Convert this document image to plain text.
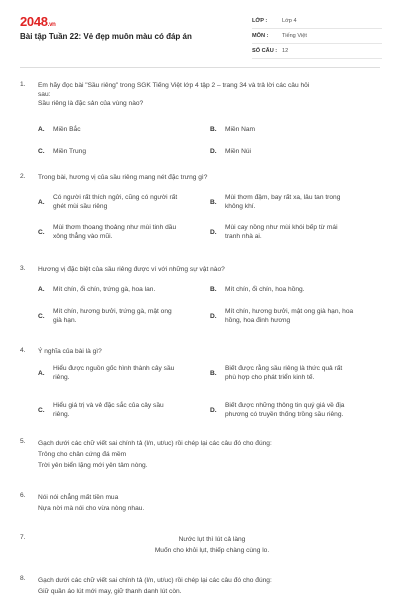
2048.vn
Bài tập Tuần 22: Vẻ đẹp muôn màu có đáp án
LỚP :	Lớp 4
MÔN :	Tiếng Việt
SỐ CÂU : 12
1.	Em hãy đọc bài "Sầu riêng" trong SGK Tiếng Việt lớp 4 tập 2 – trang 34 và trả lời các câu hỏi
sau:
Sầu riêng là đặc sản của vùng nào?
A. Miền Bắc	B. Miền Nam
C. Miền Trung	D. Miền Núi
2.	Trong bài, hương vị của sầu riêng mang nét đặc trưng gì?
A.
Có người rất thích ngửi, cũng có người rất
ghét mùi sầu riêng
B.
Mùi thơm đậm, bay rất xa, lâu tan trong
không khí.
C.
Mùi thơm thoang thoảng như mùi tinh dầu
xông thẳng vào mũi.
D.
Mùi cay nồng như mùi khói bếp từ mái
tranh nhà ai.
3.	Hương vị đặc biệt của sầu riêng được ví với những sự vật nào?
A. Mít chín, ổi chín, trứng gà, hoa lan.	B. Mít chín, ổi chín, hoa hồng.
C.
Mít chín, hương bưởi, trứng gà, mật ong
già hạn.
D.
Mít chín, hương bưởi, mật ong già hạn, hoa
hồng, hoa đinh hương
4.	Ý nghĩa của bài là gì?
A.
Hiểu được nguồn gốc hình thành cây sầu
riêng.
B.
Biết được rằng sầu riêng là thức quả rất
phù hợp cho phát triển kinh tế.
C.
Hiểu giá trị và vẻ đặc sắc của cây sầu
riêng.
D.
Biết được những thông tin quý giá về địa
phương có truyền thống trồng sầu riêng.
5.	Gạch dưới các chữ viết sai chính tả (l/n, ut/uc) rồi chép lại các câu đó cho đúng:
Trông cho chân cứng đá mềm
Trời yên biển lặng mới yên tâm nòng.
6.	Nói nói chẳng mất tiền mua
Nựa nời mà nói cho vừa nòng nhau.
7.	Nước lụt thì lút cả làng
Muốn cho khỏi lụt, thiếp chàng cùng lo.
8.	Gạch dưới các chữ viết sai chính tả (l/n, ut/uc) rồi chép lại các câu đó cho đúng:
Giữ quần áo lút mới may, giữ thanh danh lút còn.
